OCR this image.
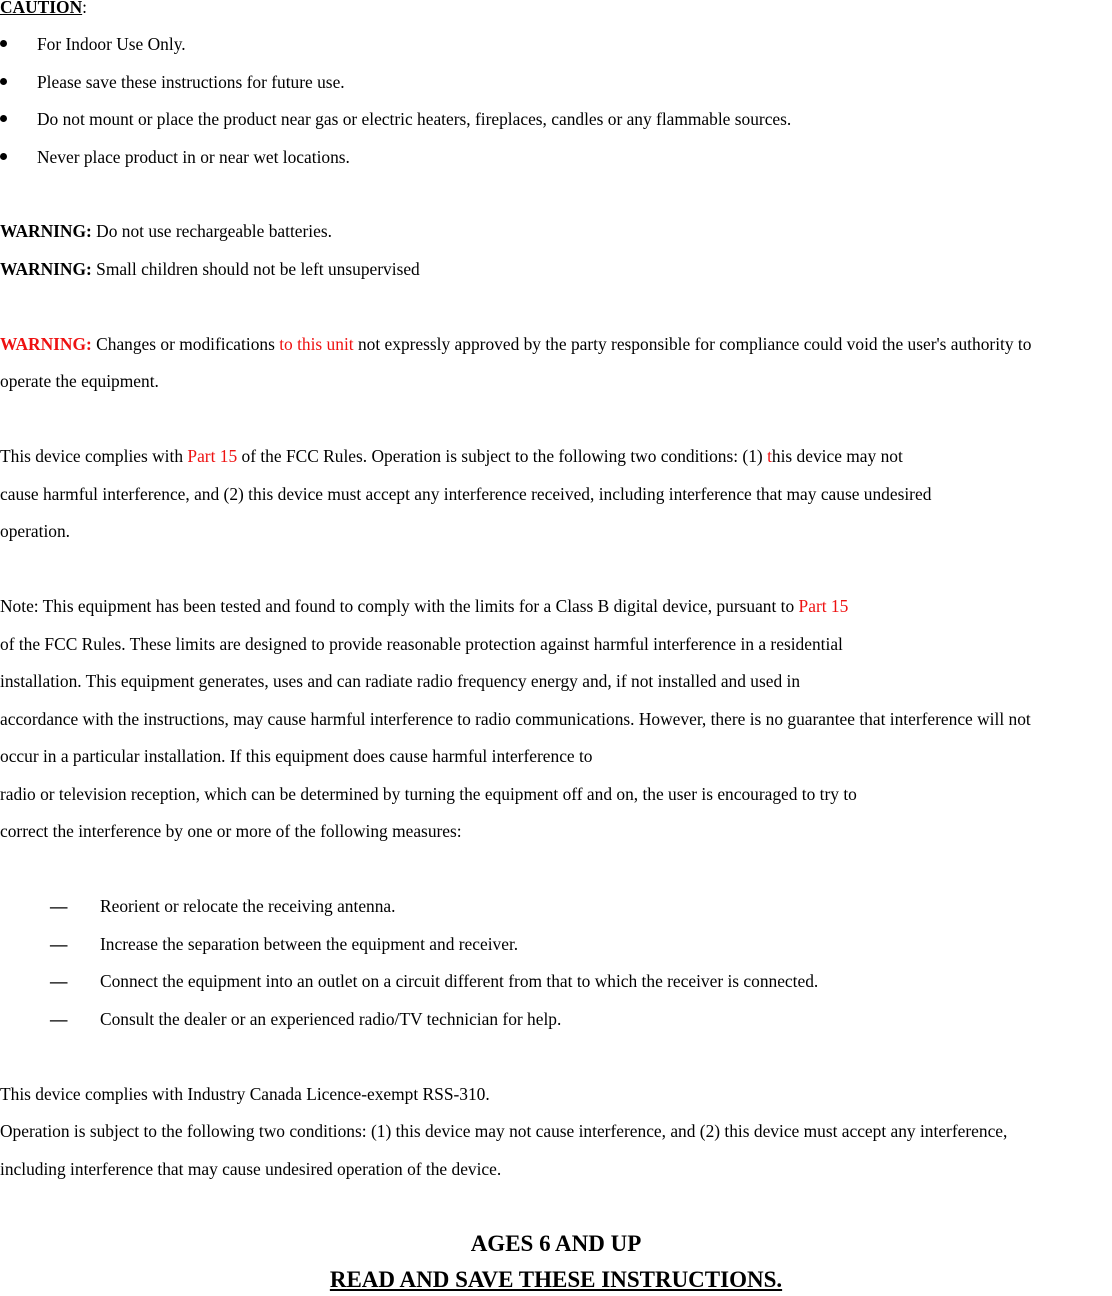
CAUTION:
For Indoor Use Only.
Please save these instructions for future use.
Do not mount or place the product near gas or electric heaters, fireplaces, candles or any flammable sources.
Never place product in or near wet locations.
WARNING: Do not use rechargeable batteries.
WARNING: Small children should not be left unsupervised
WARNING: Changes or modifications to this unit not expressly approved by the party responsible for compliance could void the user's authority to
operate the equipment.
This device complies with Part 15 of the FCC Rules. Operation is subject to the following two conditions: (1) this device may not
cause harmful interference, and (2) this device must accept any interference received, including interference that may cause undesired
operation.
Note: This equipment has been tested and found to comply with the limits for a Class B digital device, pursuant to Part 15
of the FCC Rules. These limits are designed to provide reasonable protection against harmful interference in a residential
installation. This equipment generates, uses and can radiate radio frequency energy and, if not installed and used in
accordance with the instructions, may cause harmful interference to radio communications. However, there is no guarantee that interference will not
occur in a particular installation. If this equipment does cause harmful interference to
radio or television reception, which can be determined by turning the equipment off and on, the user is encouraged to try to
correct the interference by one or more of the following measures:
— Reorient or relocate the receiving antenna.
— Increase the separation between the equipment and receiver.
— Connect the equipment into an outlet on a circuit different from that to which the receiver is connected.
— Consult the dealer or an experienced radio/TV technician for help.
This device complies with Industry Canada Licence-exempt RSS-310.
Operation is subject to the following two conditions: (1) this device may not cause interference, and (2) this device must accept any interference,
including interference that may cause undesired operation of the device.
AGES 6 AND UP
READ AND SAVE THESE INSTRUCTIONS.
